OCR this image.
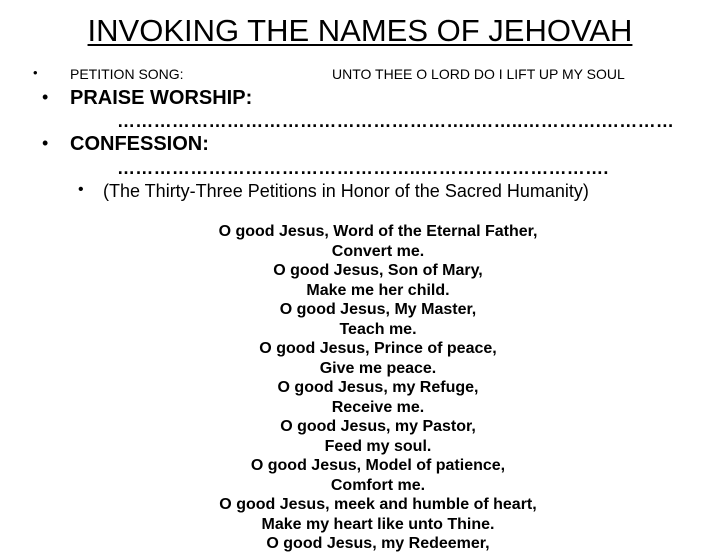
INVOKING THE NAMES OF JEHOVAH
• PETITION SONG:	UNTO THEE O LORD DO I LIFT UP MY SOUL
• PRAISE WORSHIP:
…………………………………………………..……..………….…………
• CONFESSION:
…………………………………………..………………………….
• (The Thirty-Three Petitions in Honor of the Sacred Humanity)
O good Jesus, Word of the Eternal Father,
Convert me.
O good Jesus, Son of Mary,
Make me her child.
O good Jesus, My Master,
Teach me.
O good Jesus, Prince of peace,
Give me peace.
O good Jesus, my Refuge,
Receive me.
O good Jesus, my Pastor,
Feed my soul.
O good Jesus, Model of patience,
Comfort me.
O good Jesus, meek and humble of heart,
Make my heart like unto Thine.
O good Jesus, my Redeemer,
